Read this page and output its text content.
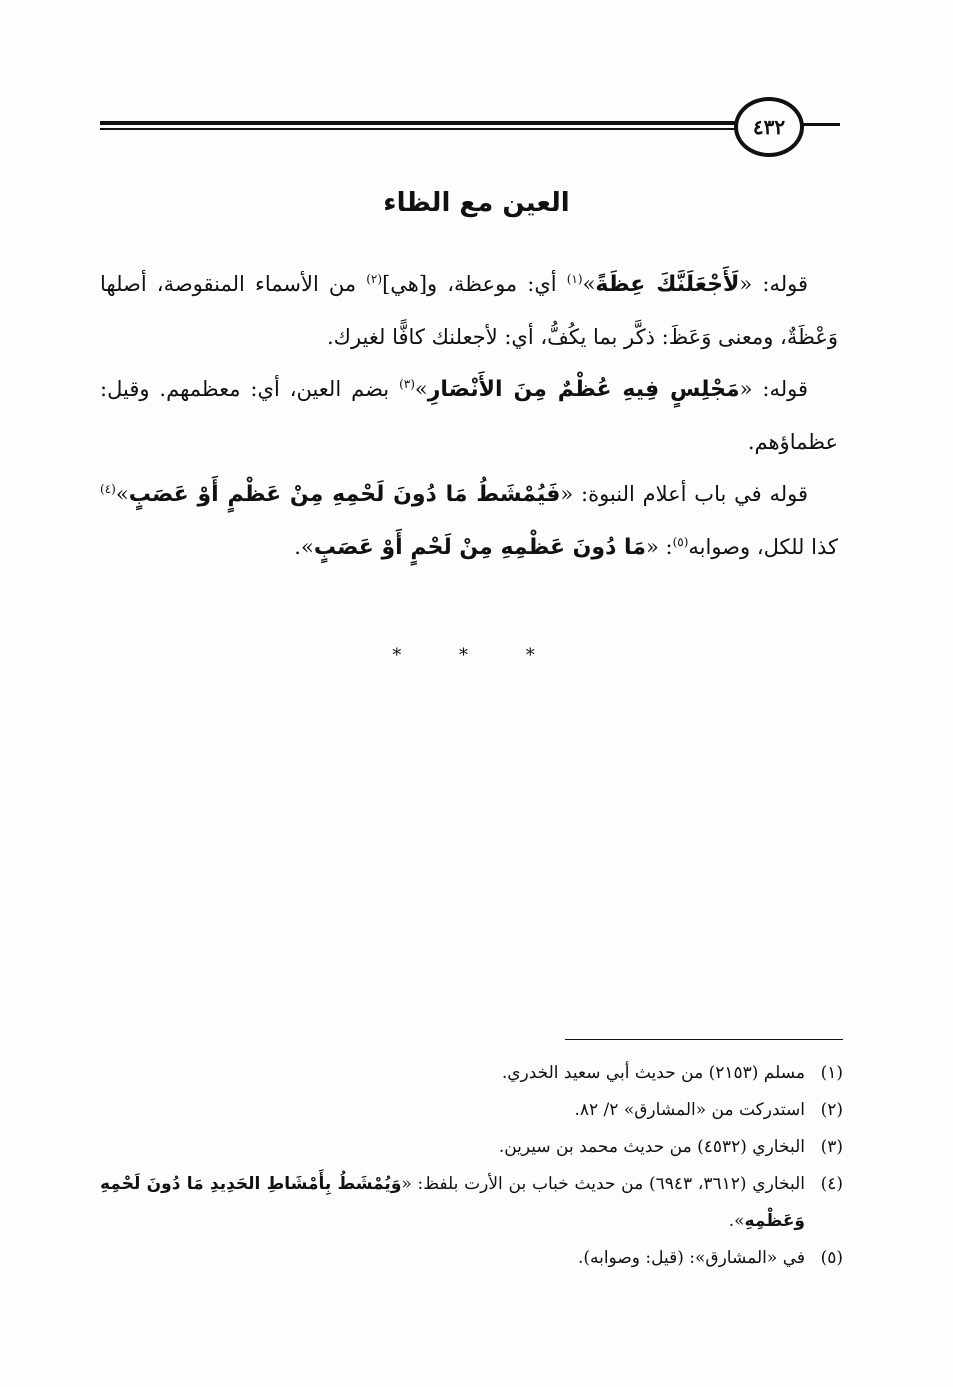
٤٣٢
العين مع الظاء

قوله: «لَأَجْعَلَنَّكَ عِظَةً»$^{(١)}$ أي: موعظة، و[هي]$^{(٢)}$ من الأسماء المنقوصة، أصلها وَعْظَةٌ، ومعنى وَعَظَ: ذكَّر بما يكُفُّ، أي: لأجعلنك كافًّا لغيرك.

قوله: «مَجْلِسٍ فِيهِ عُظْمٌ مِنَ الأَنْصَارِ»$^{(٣)}$ بضم العين، أي: معظمهم. وقيل: عظماؤهم.

قوله في باب أعلام النبوة: «فَيُمْشَطُ مَا دُونَ لَحْمِهِ مِنْ عَظْمٍ أَوْ عَصَبٍ»$^{(٤)}$ كذا للكل، وصوابه$^{(٥)}$: «مَا دُونَ عَظْمِهِ مِنْ لَحْمٍ أَوْ عَصَبٍ».

* * *
(١)
مسلم (٢١٥٣) من حديث أبي سعيد الخدري.
(٢)
استدركت من «المشارق» ٢/ ٨٢.
(٣)
البخاري (٤٥٣٢) من حديث محمد بن سيرين.
(٤)
البخاري (٣٦١٢، ٦٩٤٣) من حديث خباب بن الأرت بلفظ: «وَيُمْشَطُ بِأَمْشَاطِ الحَدِيدِ مَا دُونَ لَحْمِهِ وَعَظْمِهِ».
(٥)
في «المشارق»: (قيل: وصوابه).
